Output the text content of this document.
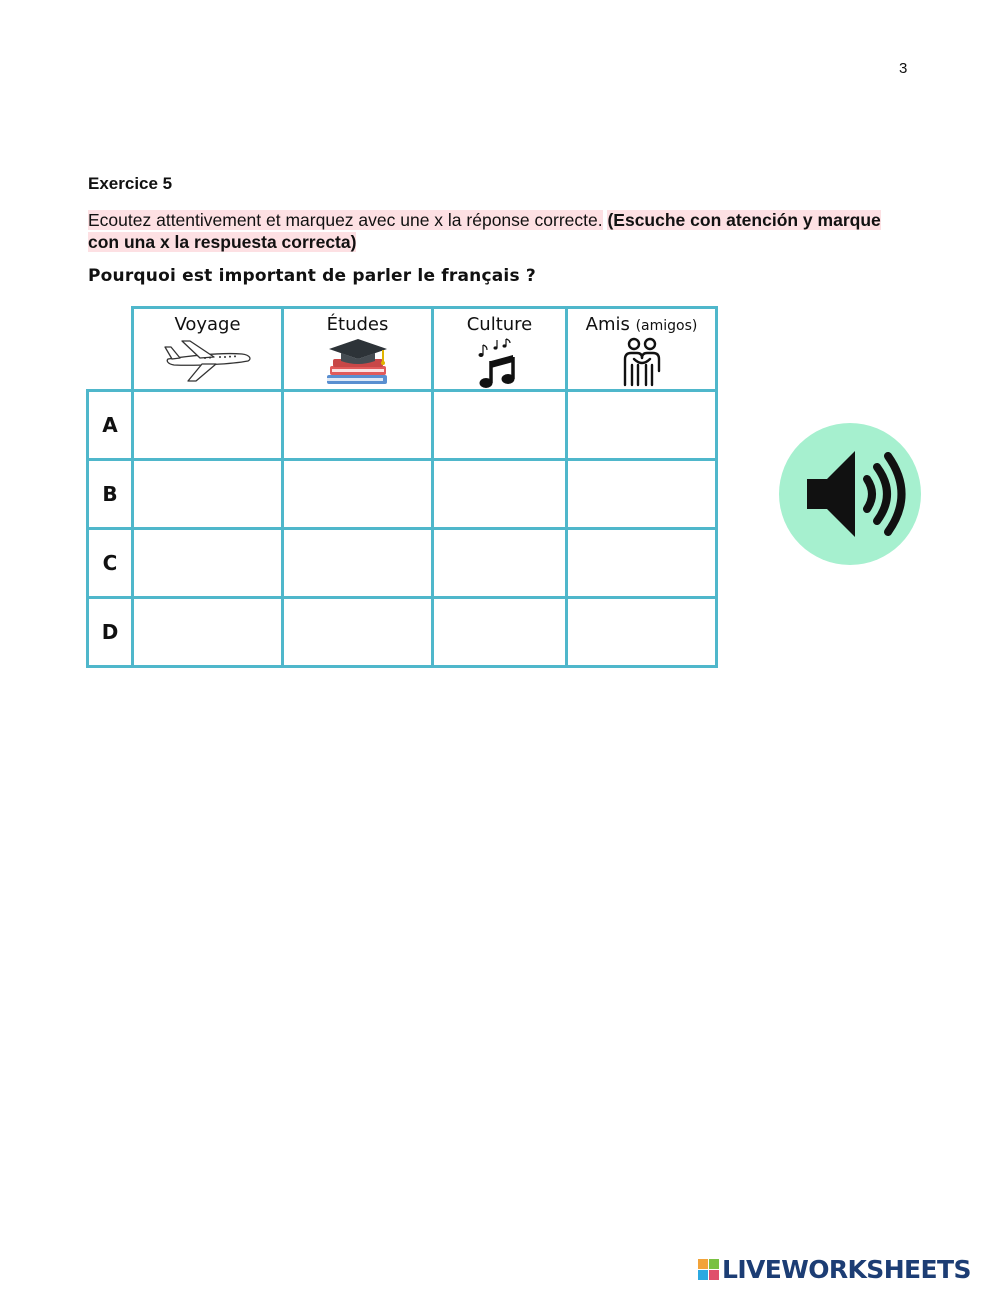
3
Exercice 5

Ecoutez attentivement et marquez avec une x la réponse correcte. (Escuche con atención y marque con una x la respuesta correcta)

Pourquoi est important de parler le français ?

	Voyage	Études	Culture	Amis (amigos)

A				
B				
C				
D				
LIVEWORKSHEETS
